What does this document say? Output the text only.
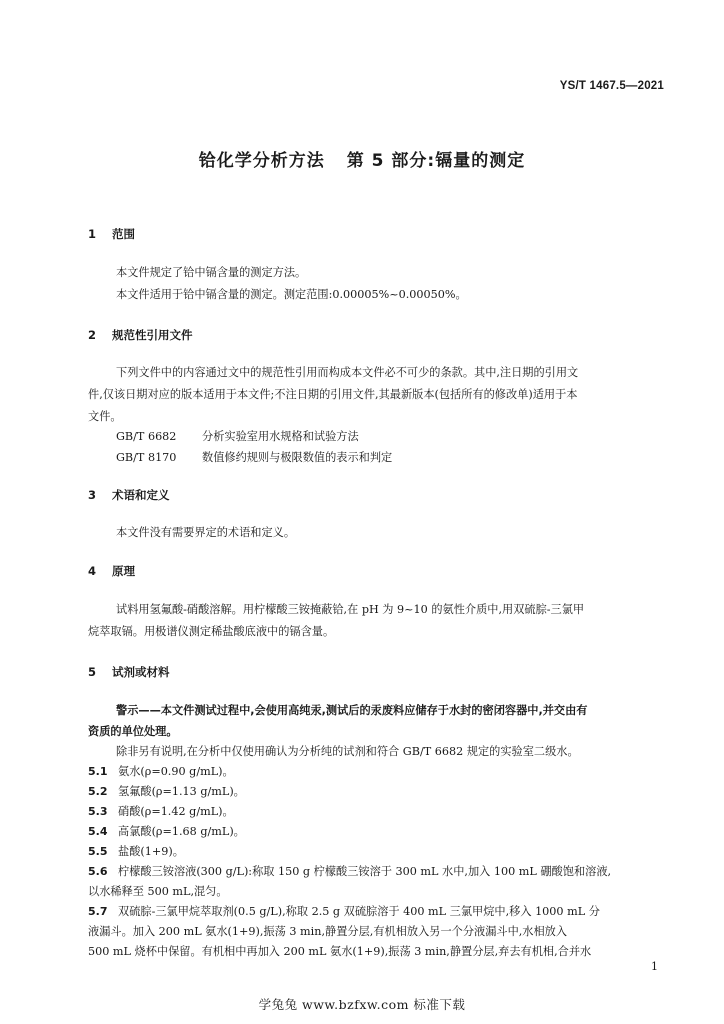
YS/T 1467.5—2021
铪化学分析方法 第 5 部分:镉量的测定
1 范围
本文件规定了铪中镉含量的测定方法。
本文件适用于铪中镉含量的测定。测定范围:0.00005%~0.00050%。
2 规范性引用文件
下列文件中的内容通过文中的规范性引用而构成本文件必不可少的条款。其中,注日期的引用文
件,仅该日期对应的版本适用于本文件;不注日期的引用文件,其最新版本(包括所有的修改单)适用于本
文件。
GB/T 6682 分析实验室用水规格和试验方法
GB/T 8170 数值修约规则与极限数值的表示和判定
3 术语和定义
本文件没有需要界定的术语和定义。
4 原理
试料用氢氟酸-硝酸溶解。用柠檬酸三铵掩蔽铪,在 pH 为 9~10 的氨性介质中,用双硫腙-三氯甲
烷萃取镉。用极谱仪测定稀盐酸底液中的镉含量。
5 试剂或材料
警示——本文件测试过程中,会使用高纯汞,测试后的汞废料应储存于水封的密闭容器中,并交由有
资质的单位处理。
除非另有说明,在分析中仅使用确认为分析纯的试剂和符合 GB/T 6682 规定的实验室二级水。
5.1 氨水(ρ=0.90 g/mL)。
5.2 氢氟酸(ρ=1.13 g/mL)。
5.3 硝酸(ρ=1.42 g/mL)。
5.4 高氯酸(ρ=1.68 g/mL)。
5.5 盐酸(1+9)。
5.6 柠檬酸三铵溶液(300 g/L):称取 150 g 柠檬酸三铵溶于 300 mL 水中,加入 100 mL 硼酸饱和溶液,
以水稀释至 500 mL,混匀。
5.7 双硫腙-三氯甲烷萃取剂(0.5 g/L),称取 2.5 g 双硫腙溶于 400 mL 三氯甲烷中,移入 1000 mL 分
液漏斗。加入 200 mL 氨水(1+9),振荡 3 min,静置分层,有机相放入另一个分液漏斗中,水相放入
500 mL 烧杯中保留。有机相中再加入 200 mL 氨水(1+9),振荡 3 min,静置分层,弃去有机相,合并水
1
学兔兔 www.bzfxw.com 标准下载
